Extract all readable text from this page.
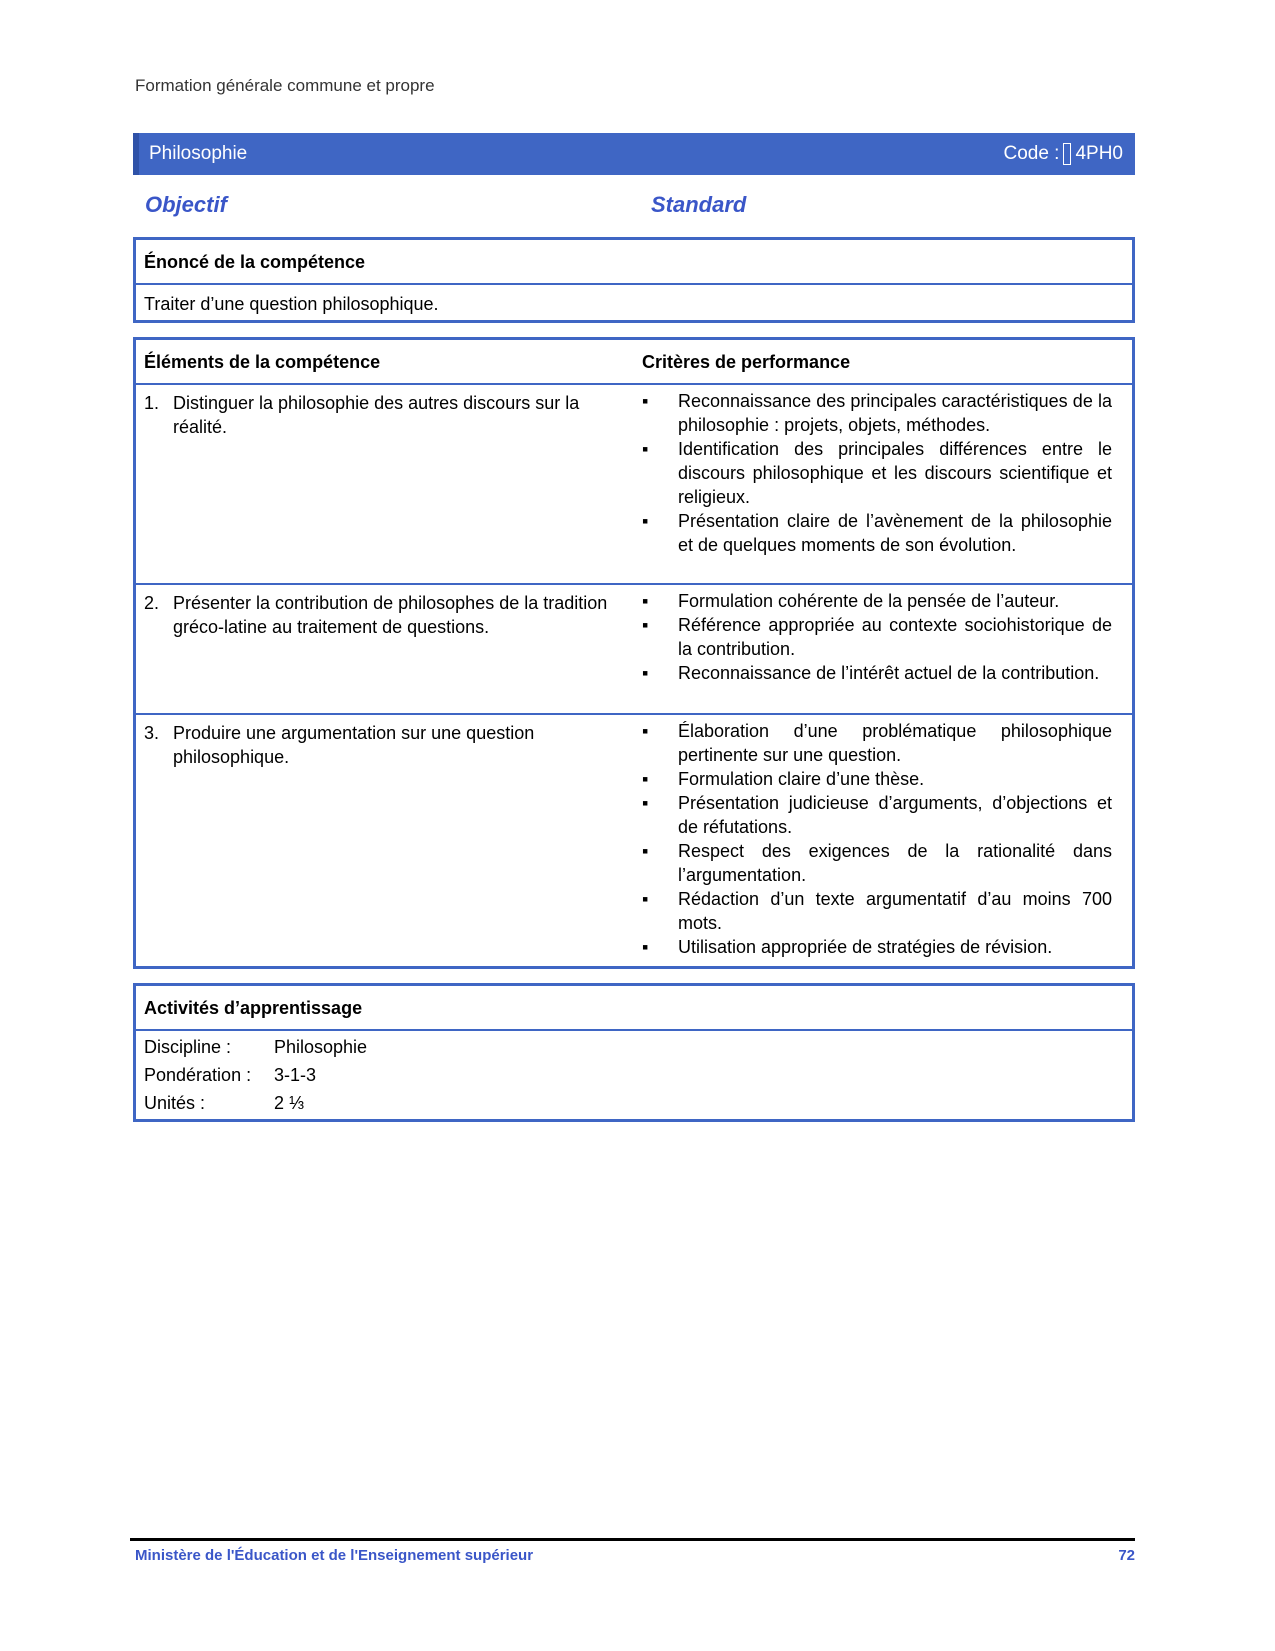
Formation générale commune et propre
Philosophie	Code : 4PH0
Objectif	Standard
Énoncé de la compétence
Traiter d’une question philosophique.
Éléments de la compétence	Critères de performance
1. Distinguer la philosophie des autres discours sur la réalité.
▪ Reconnaissance des principales caractéristiques de la philosophie : projets, objets, méthodes.
▪ Identification des principales différences entre le discours philosophique et les discours scientifique et religieux.
▪ Présentation claire de l’avènement de la philosophie et de quelques moments de son évolution.
2. Présenter la contribution de philosophes de la tradition gréco-latine au traitement de questions.
▪ Formulation cohérente de la pensée de l’auteur.
▪ Référence appropriée au contexte sociohistorique de la contribution.
▪ Reconnaissance de l’intérêt actuel de la contribution.
3. Produire une argumentation sur une question philosophique.
▪ Élaboration d’une problématique philosophique pertinente sur une question.
▪ Formulation claire d’une thèse.
▪ Présentation judicieuse d’arguments, d’objections et de réfutations.
▪ Respect des exigences de la rationalité dans l’argumentation.
▪ Rédaction d’un texte argumentatif d’au moins 700 mots.
▪ Utilisation appropriée de stratégies de révision.
Activités d’apprentissage
Discipline : Philosophie
Pondération : 3-1-3
Unités :	2 ⅓
Ministère de l'Éducation et de l'Enseignement supérieur	72
